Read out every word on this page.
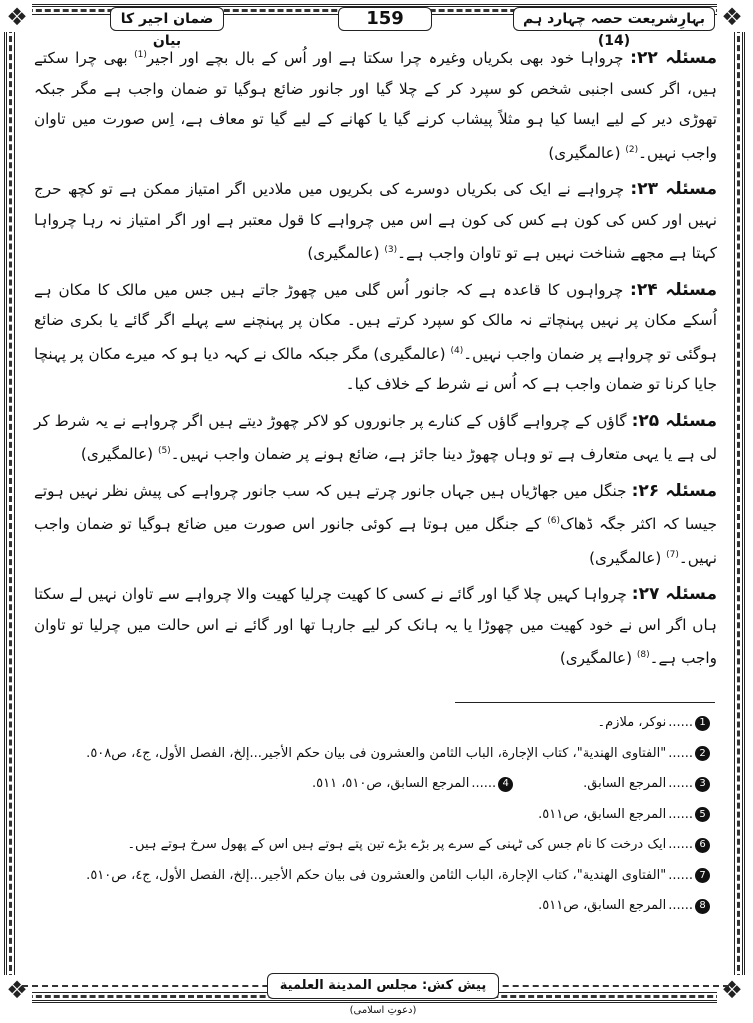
❖	❖
❖	❖
بہارِشریعت حصہ چہارد ہم (14)
159
ضمان اجیر کا بیان

مسئلہ ۲۲: چرواہا خود بھی بکریاں وغیرہ چرا سکتا ہے اور اُس کے بال بچے اور اجیر$^{(1)}$ بھی چرا سکتے ہیں، اگر کسی اجنبی شخص کو سپرد کر کے چلا گیا اور جانور ضائع ہوگیا تو ضمان واجب ہے مگر جبکہ تھوڑی دیر کے لیے ایسا کیا ہو مثلاً پیشاب کرنے گیا یا کھانے کے لیے گیا تو معاف ہے، اِس صورت میں تاوان واجب نہیں۔$^{(2)}$ (عالمگیری)

مسئلہ ۲۳: چرواہے نے ایک کی بکریاں دوسرے کی بکریوں میں ملادیں اگر امتیاز ممکن ہے تو کچھ حرج نہیں اور کس کی کون ہے کس کی کون ہے اس میں چرواہے کا قول معتبر ہے اور اگر امتیاز نہ رہا چرواہا کہتا ہے مجھے شناخت نہیں ہے تو تاوان واجب ہے۔$^{(3)}$ (عالمگیری)

مسئلہ ۲۴: چرواہوں کا قاعدہ ہے کہ جانور اُس گلی میں چھوڑ جاتے ہیں جس میں مالک کا مکان ہے اُسکے مکان پر نہیں پہنچاتے نہ مالک کو سپرد کرتے ہیں۔ مکان پر پہنچنے سے پہلے اگر گائے یا بکری ضائع ہوگئی تو چرواہے پر ضمان واجب نہیں۔$^{(4)}$ (عالمگیری) مگر جبکہ مالک نے کہہ دیا ہو کہ میرے مکان پر پہنچا جایا کرنا تو ضمان واجب ہے کہ اُس نے شرط کے خلاف کیا۔

مسئلہ ۲۵: گاؤں کے چرواہے گاؤں کے کنارے پر جانوروں کو لاکر چھوڑ دیتے ہیں اگر چرواہے نے یہ شرط کر لی ہے یا یہی متعارف ہے تو وہاں چھوڑ دینا جائز ہے، ضائع ہونے پر ضمان واجب نہیں۔$^{(5)}$ (عالمگیری)

مسئلہ ۲۶: جنگل میں جھاڑیاں ہیں جہاں جانور چرتے ہیں کہ سب جانور چرواہے کی پیش نظر نہیں ہوتے جیسا کہ اکثر جگہ ڈھاک$^{(6)}$ کے جنگل میں ہوتا ہے کوئی جانور اس صورت میں ضائع ہوگیا تو ضمان واجب نہیں۔$^{(7)}$ (عالمگیری)

مسئلہ ۲۷: چرواہا کہیں چلا گیا اور گائے نے کسی کا کھیت چرلیا کھیت والا چرواہے سے تاوان نہیں لے سکتا ہاں اگر اس نے خود کھیت میں چھوڑا یا یہ ہانک کر لیے جارہا تھا اور گائے نے اس حالت میں چرلیا تو تاوان واجب ہے۔$^{(8)}$ (عالمگیری)

1
......
نوکر، ملازم۔
2
......
"الفتاوی الهندية"، كتاب الإجارة، الباب الثامن والعشرون فی بيان حكم الأجير...إلخ، الفصل الأول، ج٤، ص٥٠٨.
3
......
المرجع السابق.
4
......
المرجع السابق، ص٥١٠، ٥١١.
5
......
المرجع السابق، ص٥١١.
6
......
ایک درخت کا نام جس کی ٹہنی کے سرے پر بڑے بڑے تین پتے ہوتے ہیں اس کے پھول سرخ ہوتے ہیں۔
7
......
"الفتاوی الهندية"، كتاب الإجارة، الباب الثامن والعشرون فی بيان حكم الأجير...إلخ، الفصل الأول، ج٤، ص٥١٠.
8
......
المرجع السابق، ص٥١١.
پیش کش: مجلس المدينة العلمية (دعوتِ اسلامی)
